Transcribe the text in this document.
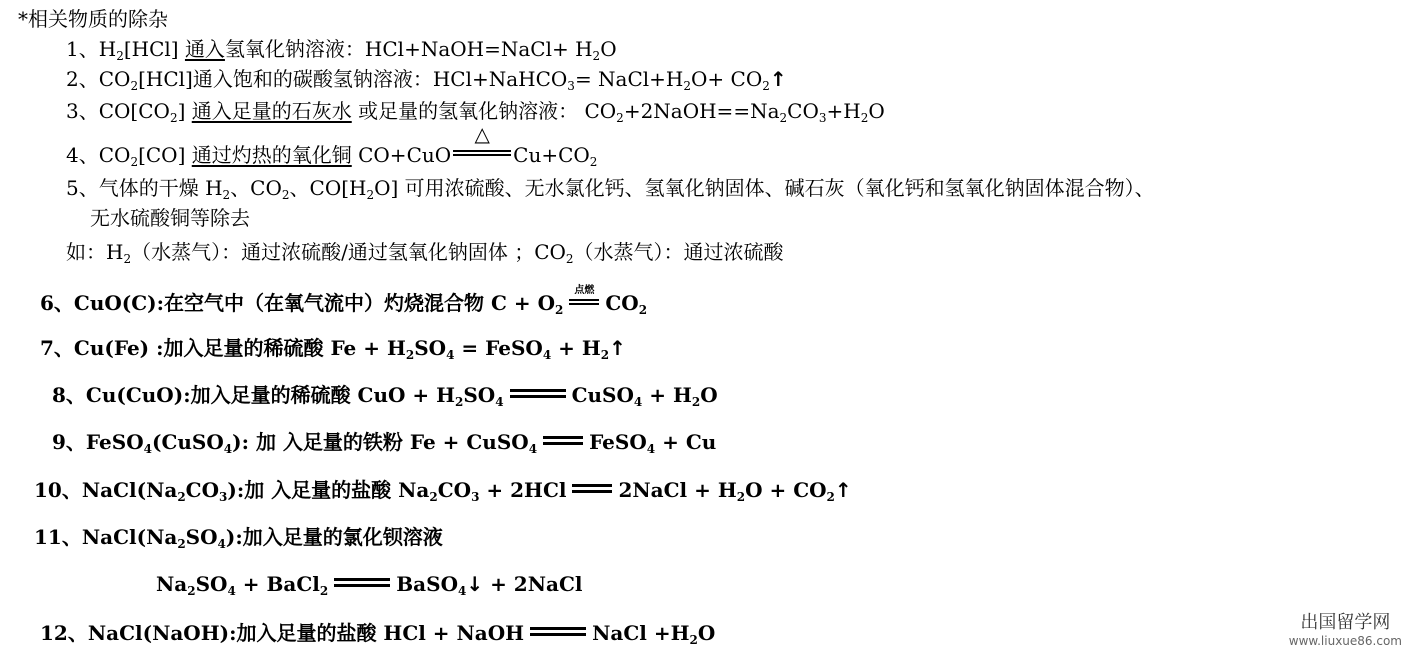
*相关物质的除杂
1、$H_2[HCl]$ 通入氢氧化钠溶液：HCl+NaOH=NaCl+ $H_2O$
2、$CO_2[HCl]$通入饱和的碳酸氢钠溶液：HCl+NaHCO$_3$= $NaCl+H_2O+$ $CO_2↑$
3、$CO[CO_2]$ 通入足量的石灰水 或足量的氢氧化钠溶液： $CO_2+2NaOH==Na_2CO_3+H_2O$
4、$CO_2[CO]$ 通过灼热的氧化铜 CO+CuO
△
$Cu+CO_2$
5、气体的干燥 $H_2$、$CO_2$、$CO[H_2O]$ 可用浓硫酸、无水氯化钙、氢氧化钠固体、碱石灰（氧化钙和氢氧化钠固体混合物）、
无水硫酸铜等除去
如：$H_2$（水蒸气）：通过浓硫酸/通过氢氧化钠固体 ；$CO_2$（水蒸气）：通过浓硫酸
6、CuO(C):在空气中（在氧气流中）灼烧混合物 $C + O_2$
点燃
$CO_2$
7、Cu(Fe) :加入足量的稀硫酸 $Fe + H_2SO_4$ = FeSO$_4$ + $H_2↑$
8、Cu(CuO):加入足量的稀硫酸 CuO + $H_2SO_4$	CuSO$_4$ + $H_2O$
9、FeSO$_4$(CuSO$_4$): 加 入足量的铁粉 Fe + CuSO$_4$	FeSO$_4$ + Cu
10、$NaCl(Na_2CO_3)$:加 入足量的盐酸 $Na_2CO_3 + 2HCl$	2NaCl + $H_2O$ + $CO_2↑$
11、$NaCl(Na_2SO_4)$:加入足量的氯化钡溶液
$Na_2SO_4$ + BaCl$_2$	BaSO$_4$↓ + 2NaCl
12、NaCl(NaOH):加入足量的盐酸 HCl + NaOH	NaCl $+H_2O$	出国留学网
www.liuxue86.com
